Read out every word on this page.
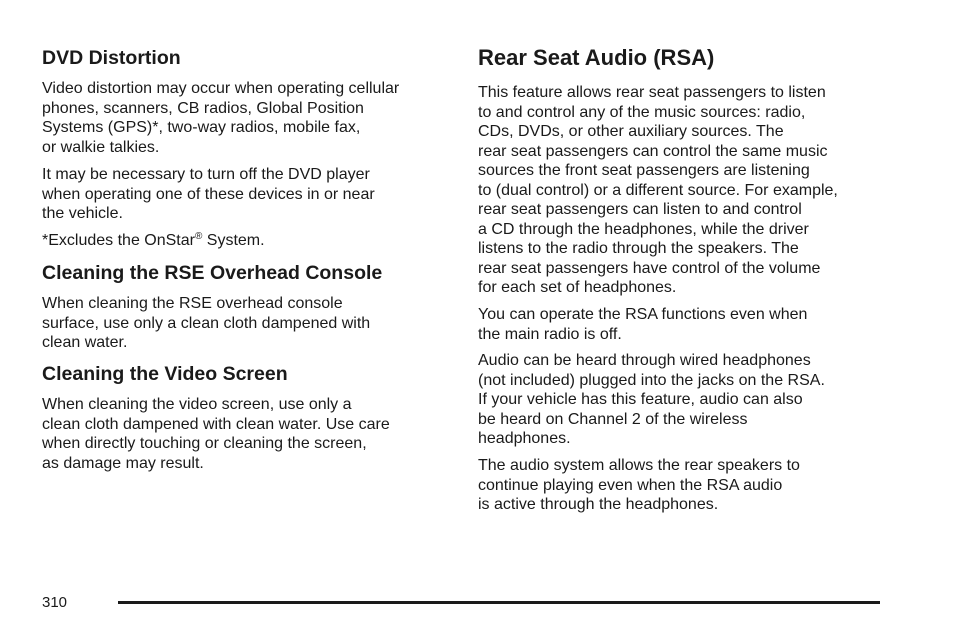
DVD Distortion

Video distortion may occur when operating cellular
phones, scanners, CB radios, Global Position
Systems (GPS)*, two-way radios, mobile fax,
or walkie talkies.

It may be necessary to turn off the DVD player
when operating one of these devices in or near
the vehicle.

*Excludes the OnStar® System.

Cleaning the RSE Overhead Console

When cleaning the RSE overhead console
surface, use only a clean cloth dampened with
clean water.

Cleaning the Video Screen

When cleaning the video screen, use only a
clean cloth dampened with clean water. Use care
when directly touching or cleaning the screen,
as damage may result.

Rear Seat Audio (RSA)

This feature allows rear seat passengers to listen
to and control any of the music sources: radio,
CDs, DVDs, or other auxiliary sources. The
rear seat passengers can control the same music
sources the front seat passengers are listening
to (dual control) or a different source. For example,
rear seat passengers can listen to and control
a CD through the headphones, while the driver
listens to the radio through the speakers. The
rear seat passengers have control of the volume
for each set of headphones.

You can operate the RSA functions even when
the main radio is off.

Audio can be heard through wired headphones
(not included) plugged into the jacks on the RSA.
If your vehicle has this feature, audio can also
be heard on Channel 2 of the wireless
headphones.

The audio system allows the rear speakers to
continue playing even when the RSA audio
is active through the headphones.

310
